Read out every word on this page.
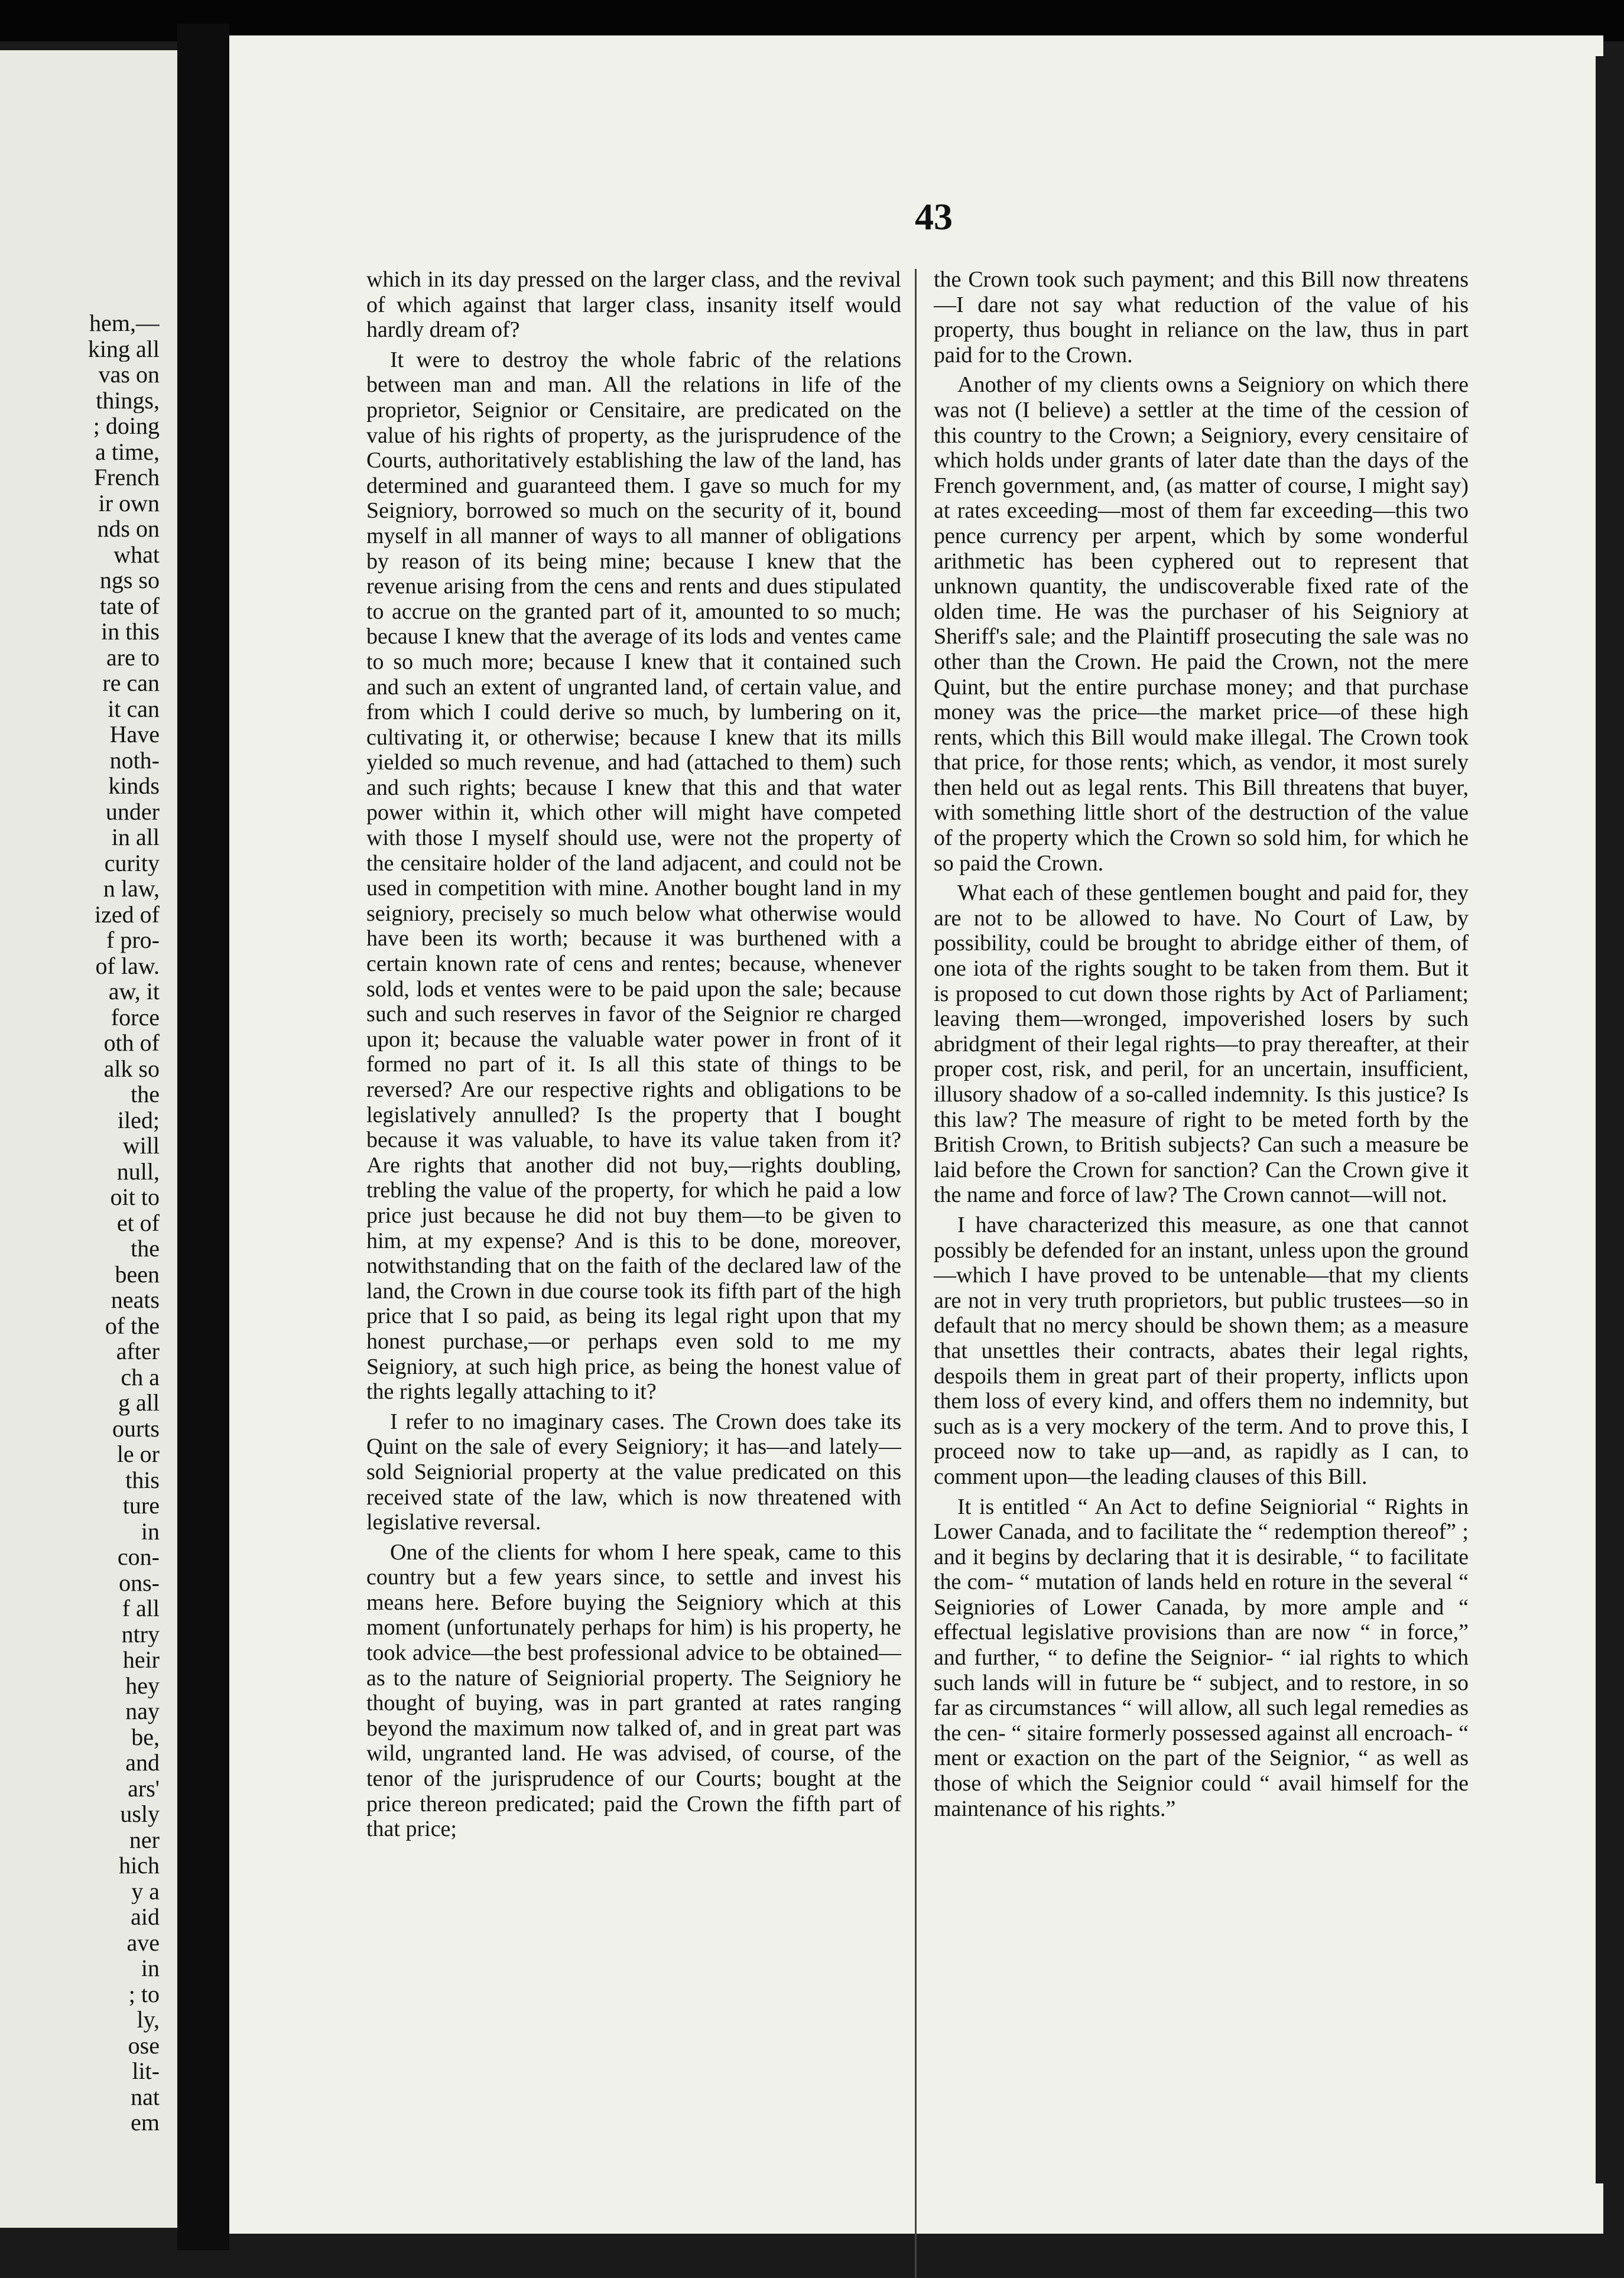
hem,—
king all
vas on
things,
; doing
a time,
French
ir own
nds on
what
ngs so
tate of
in this
are to
re can
it can
Have
noth-
kinds
under
in all
curity
n law,
ized of
f pro-
of law.
aw, it
force
oth of
alk so
the
iled;
will
null,
oit to
et of
the
been
neats
of the
after
ch a
g all
ourts
le or
this
ture
in
con-
ons-
f all
ntry
heir
hey
nay
be,
and
ars'
usly
ner
hich
y a
aid
ave
in
; to
ly,
ose
lit-
nat
em
43

which in its day pressed on the larger class, and the revival of which against that larger class, insanity itself would hardly dream of?

It were to destroy the whole fabric of the relations between man and man. All the relations in life of the proprietor, Seignior or Censitaire, are predicated on the value of his rights of property, as the jurisprudence of the Courts, authoritatively establishing the law of the land, has determined and guaranteed them. I gave so much for my Seigniory, borrowed so much on the security of it, bound myself in all manner of ways to all manner of obligations by reason of its being mine; because I knew that the revenue arising from the cens and rents and dues stipulated to accrue on the granted part of it, amounted to so much; because I knew that the average of its lods and ventes came to so much more; because I knew that it contained such and such an extent of ungranted land, of certain value, and from which I could derive so much, by lumbering on it, cultivating it, or otherwise; because I knew that its mills yielded so much revenue, and had (attached to them) such and such rights; because I knew that this and that water power within it, which other will might have competed with those I myself should use, were not the property of the censitaire holder of the land adjacent, and could not be used in competition with mine. Another bought land in my seigniory, precisely so much below what otherwise would have been its worth; because it was burthened with a certain known rate of cens and rentes; because, whenever sold, lods et ventes were to be paid upon the sale; because such and such reserves in favor of the Seignior re charged upon it; because the valuable water power in front of it formed no part of it. Is all this state of things to be reversed? Are our respective rights and obligations to be legislatively annulled? Is the property that I bought because it was valuable, to have its value taken from it? Are rights that another did not buy,—rights doubling, trebling the value of the property, for which he paid a low price just because he did not buy them—to be given to him, at my expense? And is this to be done, moreover, notwithstanding that on the faith of the declared law of the land, the Crown in due course took its fifth part of the high price that I so paid, as being its legal right upon that my honest purchase,—or perhaps even sold to me my Seigniory, at such high price, as being the honest value of the rights legally attaching to it?

I refer to no imaginary cases. The Crown does take its Quint on the sale of every Seigniory; it has—and lately—sold Seigniorial property at the value predicated on this received state of the law, which is now threatened with legislative reversal.

One of the clients for whom I here speak, came to this country but a few years since, to settle and invest his means here. Before buying the Seigniory which at this moment (unfortunately perhaps for him) is his property, he took advice—the best professional advice to be obtained—as to the nature of Seigniorial property. The Seigniory he thought of buying, was in part granted at rates ranging beyond the maximum now talked of, and in great part was wild, ungranted land. He was advised, of course, of the tenor of the jurisprudence of our Courts; bought at the price thereon predicated; paid the Crown the fifth part of that price;

the Crown took such payment; and this Bill now threatens—I dare not say what reduction of the value of his property, thus bought in reliance on the law, thus in part paid for to the Crown.

Another of my clients owns a Seigniory on which there was not (I believe) a settler at the time of the cession of this country to the Crown; a Seigniory, every censitaire of which holds under grants of later date than the days of the French government, and, (as matter of course, I might say) at rates exceeding—most of them far exceeding—this two pence currency per arpent, which by some wonderful arithmetic has been cyphered out to represent that unknown quantity, the undiscoverable fixed rate of the olden time. He was the purchaser of his Seigniory at Sheriff's sale; and the Plaintiff prosecuting the sale was no other than the Crown. He paid the Crown, not the mere Quint, but the entire purchase money; and that purchase money was the price—the market price—of these high rents, which this Bill would make illegal. The Crown took that price, for those rents; which, as vendor, it most surely then held out as legal rents. This Bill threatens that buyer, with something little short of the destruction of the value of the property which the Crown so sold him, for which he so paid the Crown.

What each of these gentlemen bought and paid for, they are not to be allowed to have. No Court of Law, by possibility, could be brought to abridge either of them, of one iota of the rights sought to be taken from them. But it is proposed to cut down those rights by Act of Parliament; leaving them—wronged, impoverished losers by such abridgment of their legal rights—to pray thereafter, at their proper cost, risk, and peril, for an uncertain, insufficient, illusory shadow of a so-called indemnity. Is this justice? Is this law? The measure of right to be meted forth by the British Crown, to British subjects? Can such a measure be laid before the Crown for sanction? Can the Crown give it the name and force of law? The Crown cannot—will not.

I have characterized this measure, as one that cannot possibly be defended for an instant, unless upon the ground—which I have proved to be untenable—that my clients are not in very truth proprietors, but public trustees—so in default that no mercy should be shown them; as a measure that unsettles their contracts, abates their legal rights, despoils them in great part of their property, inflicts upon them loss of every kind, and offers them no indemnity, but such as is a very mockery of the term. And to prove this, I proceed now to take up—and, as rapidly as I can, to comment upon—the leading clauses of this Bill.

It is entitled “ An Act to define Seigniorial “ Rights in Lower Canada, and to facilitate the “ redemption thereof” ; and it begins by declaring that it is desirable, “ to facilitate the com- “ mutation of lands held en roture in the several “ Seigniories of Lower Canada, by more ample and “ effectual legislative provisions than are now “ in force,” and further, “ to define the Seignior- “ ial rights to which such lands will in future be “ subject, and to restore, in so far as circumstances “ will allow, all such legal remedies as the cen- “ sitaire formerly possessed against all encroach- “ ment or exaction on the part of the Seignior, “ as well as those of which the Seignior could “ avail himself for the maintenance of his rights.”
